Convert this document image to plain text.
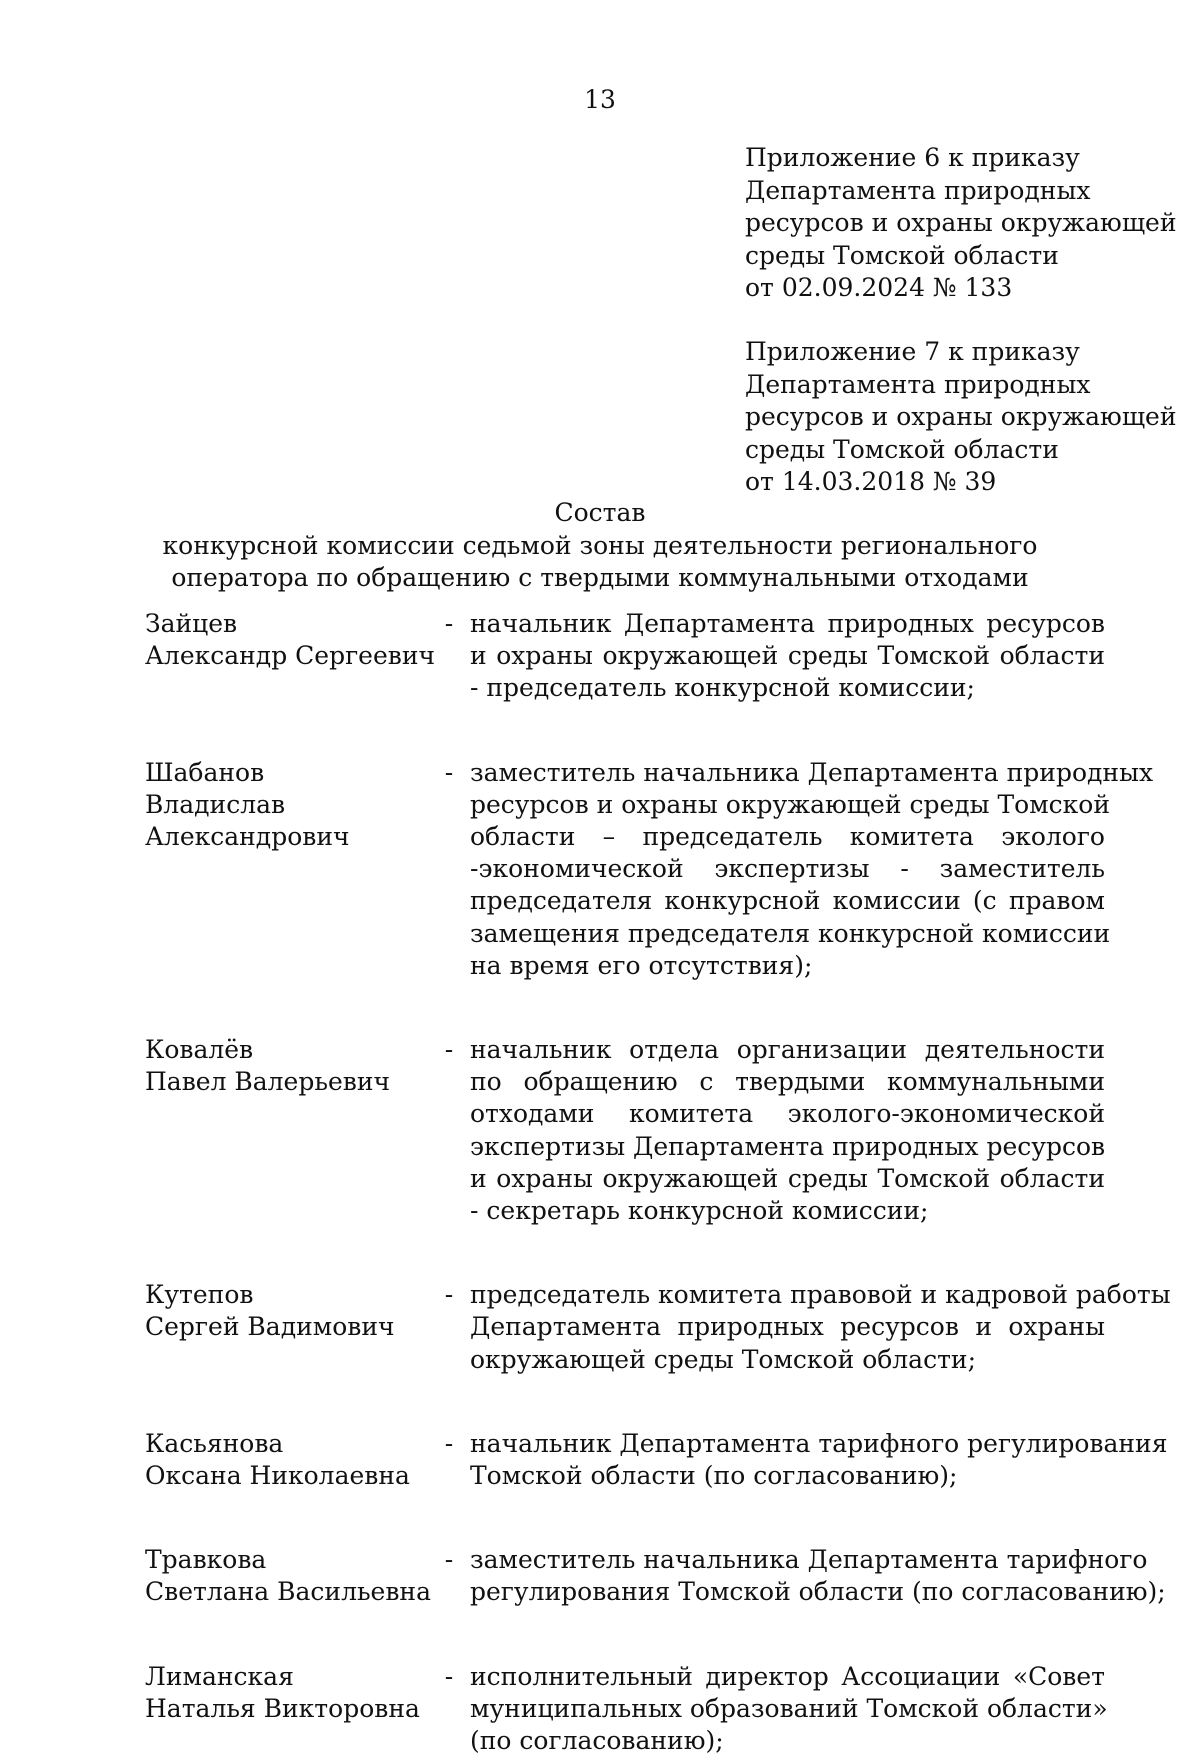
13
Приложение 6 к приказу
Департамента природных
ресурсов и охраны окружающей
среды Томской области
от 02.09.2024 № 133
Приложение 7 к приказу
Департамента природных
ресурсов и охраны окружающей
среды Томской области
от 14.03.2018 № 39
Состав
конкурсной комиссии седьмой зоны деятельности регионального
оператора по обращению с твердыми коммунальными отходами
Зайцев
Александр Сергеевич
- начальник Департамента природных ресурсов
и охраны окружающей среды Томской области
- председатель конкурсной комиссии;
Шабанов
Владислав
Александрович
- заместитель начальника Департамента природных
ресурсов и охраны окружающей среды Томской
области – председатель комитета эколого
-экономической экспертизы - заместитель
председателя конкурсной комиссии (с правом
замещения председателя конкурсной комиссии
на время его отсутствия);
Ковалёв
Павел Валерьевич
- начальник отдела организации деятельности
по обращению с твердыми коммунальными
отходами комитета эколого-экономической
экспертизы Департамента природных ресурсов
и охраны окружающей среды Томской области
- секретарь конкурсной комиссии;
Кутепов
Сергей Вадимович
- председатель комитета правовой и кадровой работы
Департамента природных ресурсов и охраны
окружающей среды Томской области;
Касьянова
Оксана Николаевна
- начальник Департамента тарифного регулирования
Томской области (по согласованию);
Травкова
Светлана Васильевна
- заместитель начальника Департамента тарифного
регулирования Томской области (по согласованию);
Лиманская
Наталья Викторовна
- исполнительный директор Ассоциации «Совет
муниципальных образований Томской области»
(по согласованию);
